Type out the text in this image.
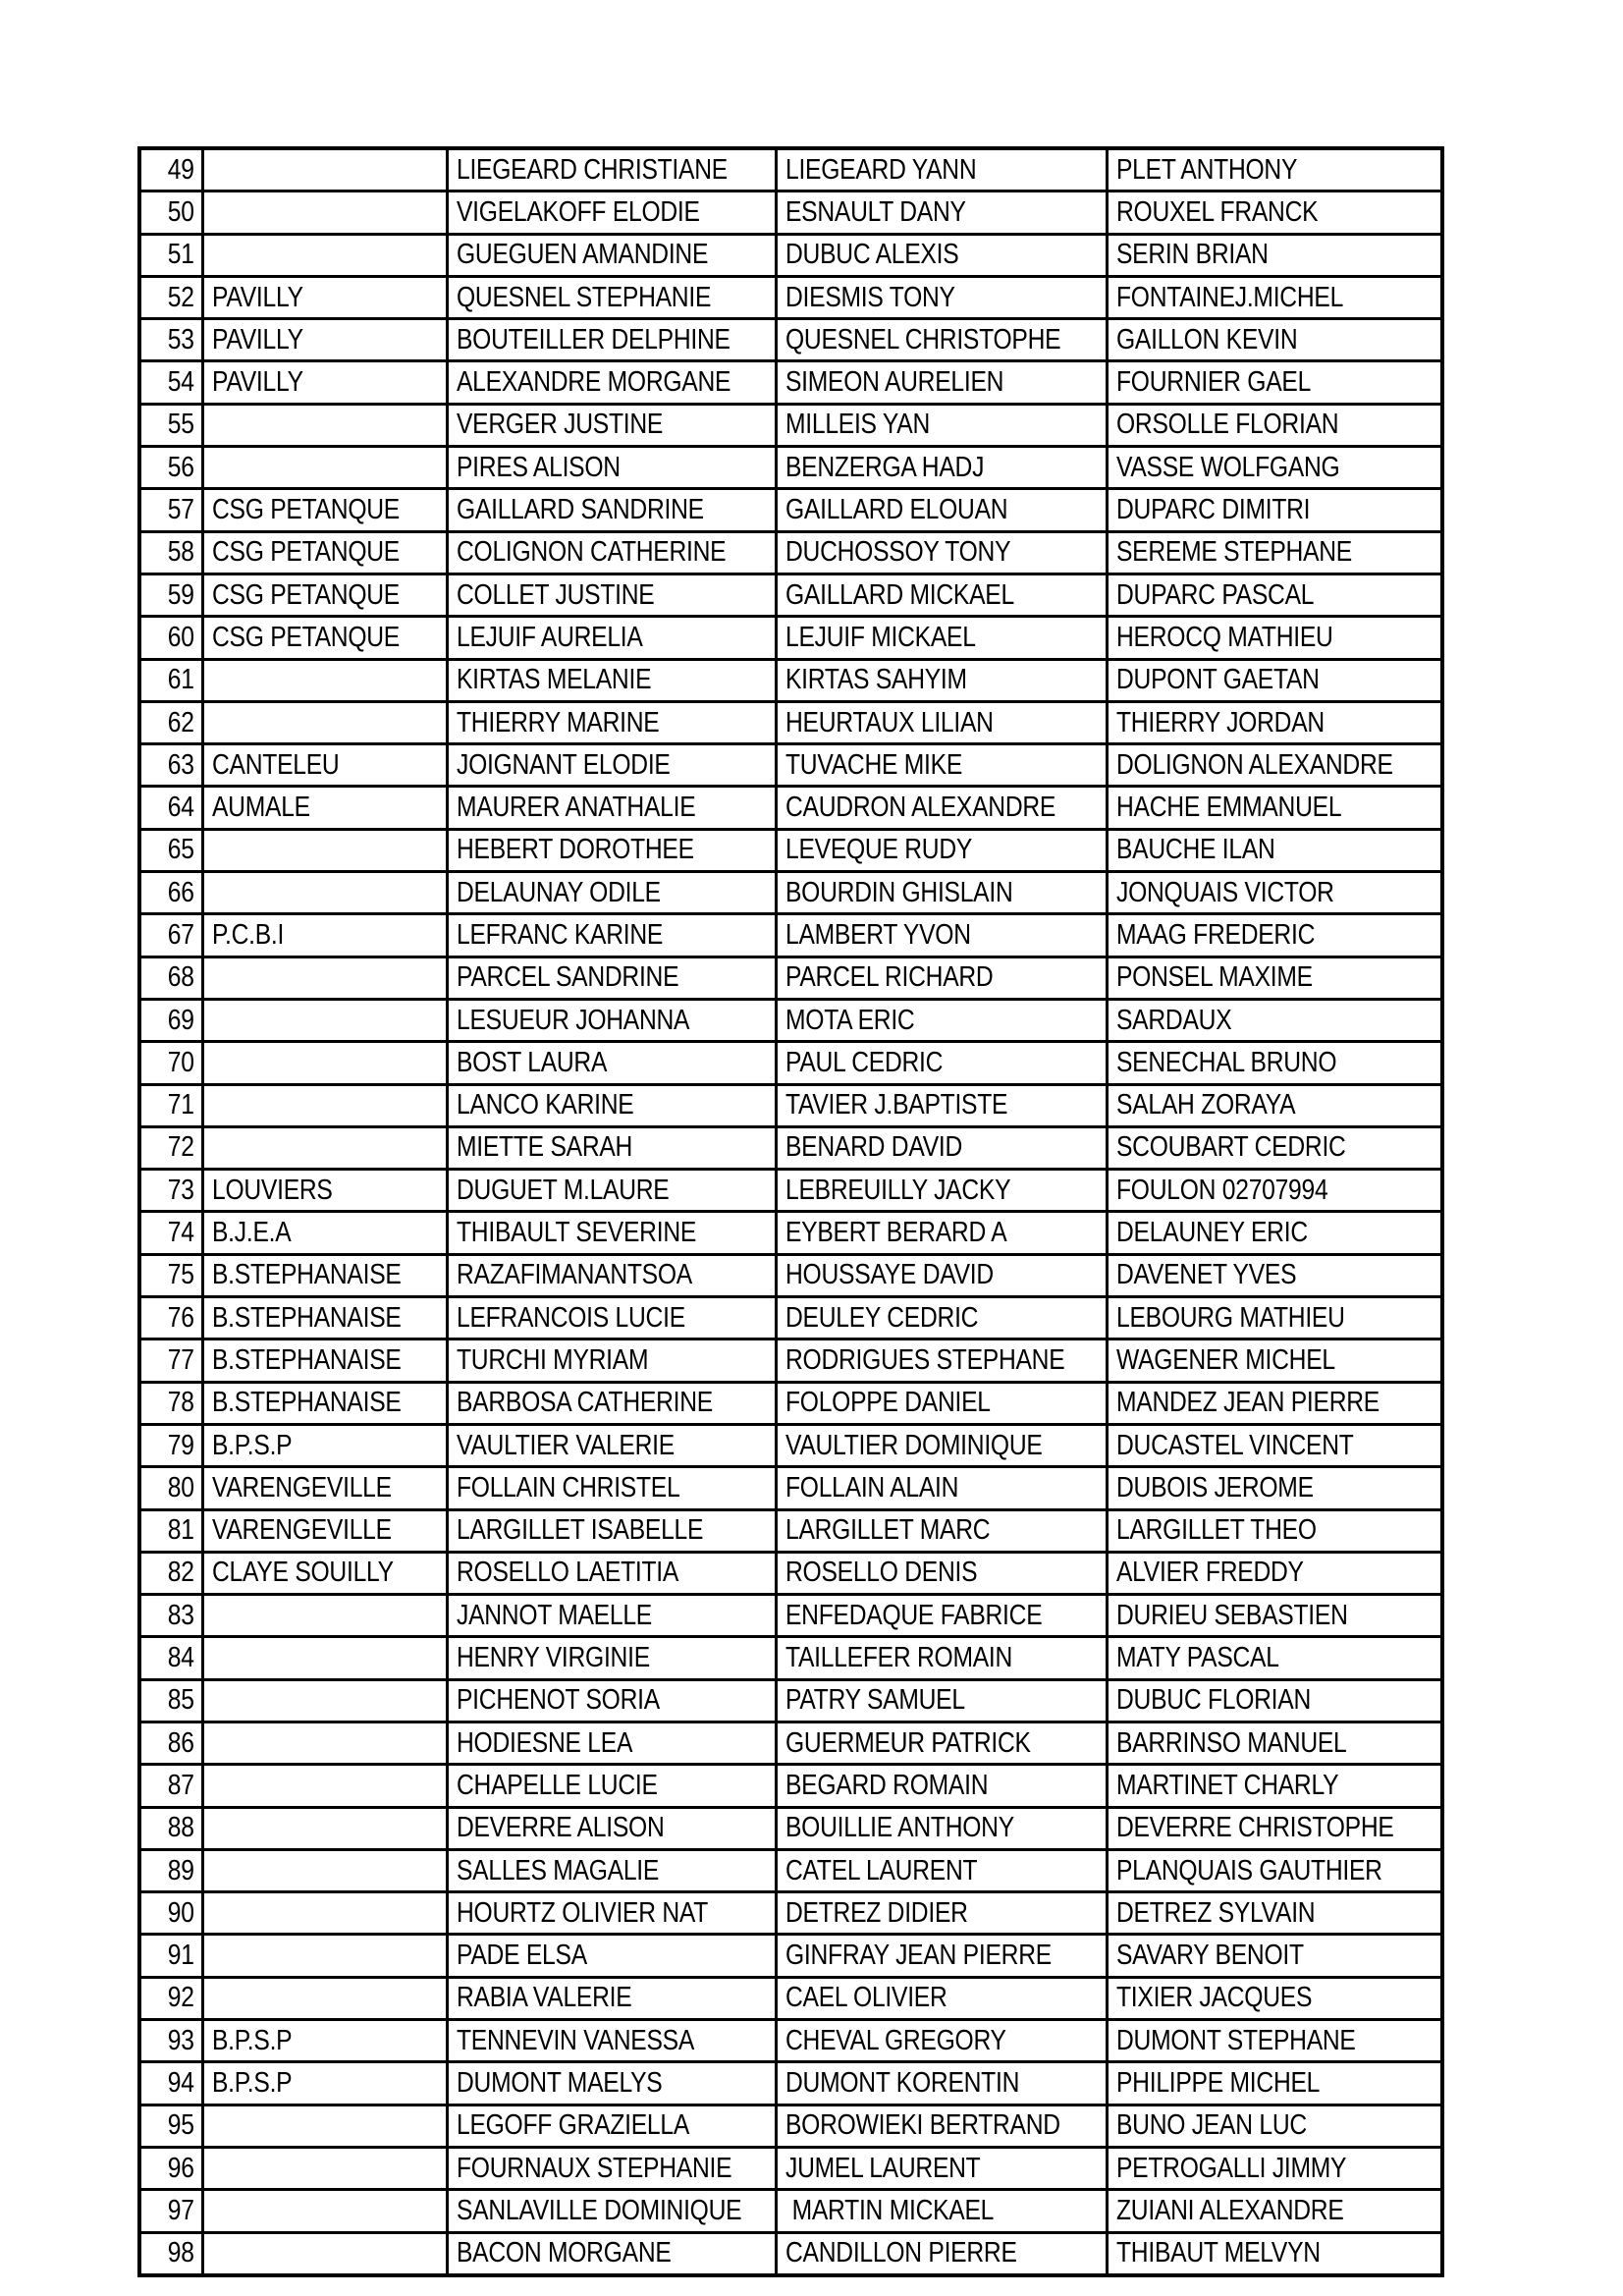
49		LIEGEARD CHRISTIANE	LIEGEARD YANN	PLET ANTHONY
50		VIGELAKOFF ELODIE	ESNAULT DANY	ROUXEL FRANCK
51		GUEGUEN AMANDINE	DUBUC ALEXIS	SERIN BRIAN
52	PAVILLY	QUESNEL STEPHANIE	DIESMIS TONY	FONTAINEJ.MICHEL
53	PAVILLY	BOUTEILLER DELPHINE	QUESNEL CHRISTOPHE	GAILLON KEVIN
54	PAVILLY	ALEXANDRE MORGANE	SIMEON AURELIEN	FOURNIER GAEL
55		VERGER JUSTINE	MILLEIS YAN	ORSOLLE FLORIAN
56		PIRES ALISON	BENZERGA HADJ	VASSE WOLFGANG
57	CSG PETANQUE	GAILLARD SANDRINE	GAILLARD ELOUAN	DUPARC DIMITRI
58	CSG PETANQUE	COLIGNON CATHERINE	DUCHOSSOY TONY	SEREME STEPHANE
59	CSG PETANQUE	COLLET JUSTINE	GAILLARD MICKAEL	DUPARC PASCAL
60	CSG PETANQUE	LEJUIF AURELIA	LEJUIF MICKAEL	HEROCQ MATHIEU
61		KIRTAS MELANIE	KIRTAS SAHYIM	DUPONT GAETAN
62		THIERRY MARINE	HEURTAUX LILIAN	THIERRY JORDAN
63	CANTELEU	JOIGNANT ELODIE	TUVACHE MIKE	DOLIGNON ALEXANDRE
64	AUMALE	MAURER ANATHALIE	CAUDRON ALEXANDRE	HACHE EMMANUEL
65		HEBERT DOROTHEE	LEVEQUE RUDY	BAUCHE ILAN
66		DELAUNAY ODILE	BOURDIN GHISLAIN	JONQUAIS VICTOR
67	P.C.B.I	LEFRANC KARINE	LAMBERT YVON	MAAG FREDERIC
68		PARCEL SANDRINE	PARCEL RICHARD	PONSEL MAXIME
69		LESUEUR JOHANNA	MOTA ERIC	SARDAUX
70		BOST LAURA	PAUL CEDRIC	SENECHAL BRUNO
71		LANCO KARINE	TAVIER J.BAPTISTE	SALAH ZORAYA
72		MIETTE SARAH	BENARD DAVID	SCOUBART CEDRIC
73	LOUVIERS	DUGUET M.LAURE	LEBREUILLY JACKY	FOULON 02707994
74	B.J.E.A	THIBAULT SEVERINE	EYBERT BERARD A	DELAUNEY ERIC
75	B.STEPHANAISE	RAZAFIMANANTSOA	HOUSSAYE DAVID	DAVENET YVES
76	B.STEPHANAISE	LEFRANCOIS LUCIE	DEULEY CEDRIC	LEBOURG MATHIEU
77	B.STEPHANAISE	TURCHI MYRIAM	RODRIGUES STEPHANE	WAGENER MICHEL
78	B.STEPHANAISE	BARBOSA CATHERINE	FOLOPPE DANIEL	MANDEZ JEAN PIERRE
79	B.P.S.P	VAULTIER VALERIE	VAULTIER DOMINIQUE	DUCASTEL VINCENT
80	VARENGEVILLE	FOLLAIN CHRISTEL	FOLLAIN ALAIN	DUBOIS JEROME
81	VARENGEVILLE	LARGILLET ISABELLE	LARGILLET MARC	LARGILLET THEO
82	CLAYE SOUILLY	ROSELLO LAETITIA	ROSELLO DENIS	ALVIER FREDDY
83		JANNOT MAELLE	ENFEDAQUE FABRICE	DURIEU SEBASTIEN
84		HENRY VIRGINIE	TAILLEFER ROMAIN	MATY PASCAL
85		PICHENOT SORIA	PATRY SAMUEL	DUBUC FLORIAN
86		HODIESNE LEA	GUERMEUR PATRICK	BARRINSO MANUEL
87		CHAPELLE LUCIE	BEGARD ROMAIN	MARTINET CHARLY
88		DEVERRE ALISON	BOUILLIE ANTHONY	DEVERRE CHRISTOPHE
89		SALLES MAGALIE	CATEL LAURENT	PLANQUAIS GAUTHIER
90		HOURTZ OLIVIER NAT	DETREZ DIDIER	DETREZ SYLVAIN
91		PADE ELSA	GINFRAY JEAN PIERRE	SAVARY BENOIT
92		RABIA VALERIE	CAEL OLIVIER	TIXIER JACQUES
93	B.P.S.P	TENNEVIN VANESSA	CHEVAL GREGORY	DUMONT STEPHANE
94	B.P.S.P	DUMONT MAELYS	DUMONT KORENTIN	PHILIPPE MICHEL
95		LEGOFF GRAZIELLA	BOROWIEKI BERTRAND	BUNO JEAN LUC
96		FOURNAUX STEPHANIE	JUMEL LAURENT	PETROGALLI JIMMY
97		SANLAVILLE DOMINIQUE	MARTIN MICKAEL	ZUIANI ALEXANDRE
98		BACON MORGANE	CANDILLON PIERRE	THIBAUT MELVYN
